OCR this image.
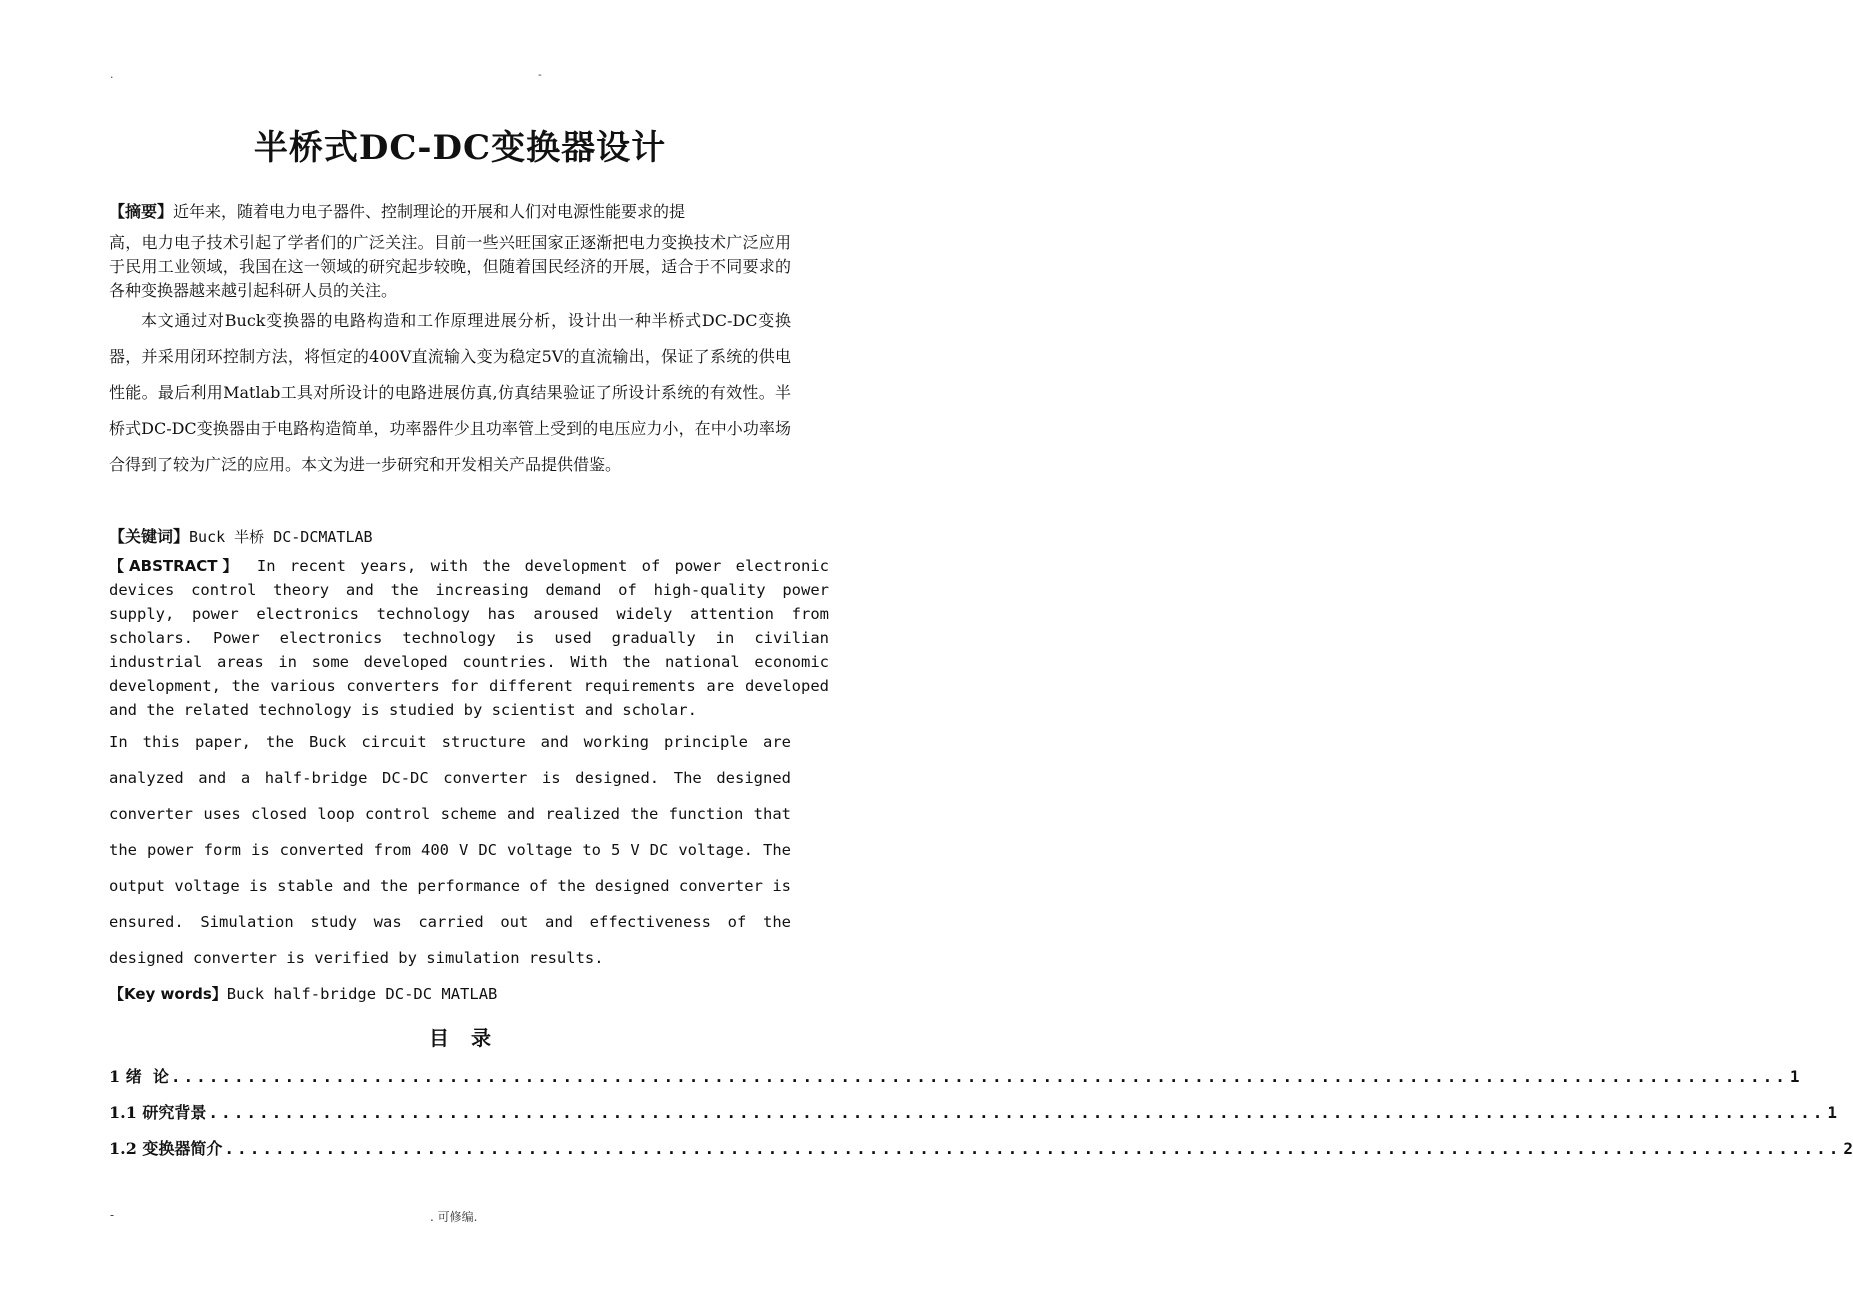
.	-
半桥式DC-DC变换器设计
【摘要】近年来，随着电力电子器件、控制理论的开展和人们对电源性能要求的提
高，电力电子技术引起了学者们的广泛关注。目前一些兴旺国家正逐渐把电力变换技术广泛应用于民用工业领域，我国在这一领域的研究起步较晚，但随着国民经济的开展，适合于不同要求的各种变换器越来越引起科研人员的关注。
本文通过对Buck变换器的电路构造和工作原理进展分析，设计出一种半桥式DC-DC变换器，并采用闭环控制方法，将恒定的400V直流输入变为稳定5V的直流输出，保证了系统的供电性能。最后利用Matlab工具对所设计的电路进展仿真,仿真结果验证了所设计系统的有效性。半桥式DC-DC变换器由于电路构造简单，功率器件少且功率管上受到的电压应力小，在中小功率场合得到了较为广泛的应用。本文为进一步研究和开发相关产品提供借鉴。
【关键词】Buck 半桥 DC-DCMATLAB
【ABSTRACT】 In recent years, with the development of power electronic devices control theory and the increasing demand of high-quality power supply, power electronics technology has aroused widely attention from scholars. Power electronics technology is used gradually in civilian industrial areas in some developed countries. With the national economic development, the various converters for different requirements are developed and the related technology is studied by scientist and scholar.
In this paper, the Buck circuit structure and working principle are analyzed and a half-bridge DC-DC converter is designed. The designed converter uses closed loop control scheme and realized the function that the power form is converted from 400 V DC voltage to 5 V DC voltage. The output voltage is stable and the performance of the designed converter is ensured. Simulation study was carried out and effectiveness of the designed converter is verified by simulation results.
【Key words】Buck half-bridge DC-DC MATLAB
目录
1 绪  论 ................................................................................................................................ 1
1.1 研究背景 ................................................................................................................................ 1
1.2 变换器简介 ................................................................................................................................ 2
-	. 可修编.
